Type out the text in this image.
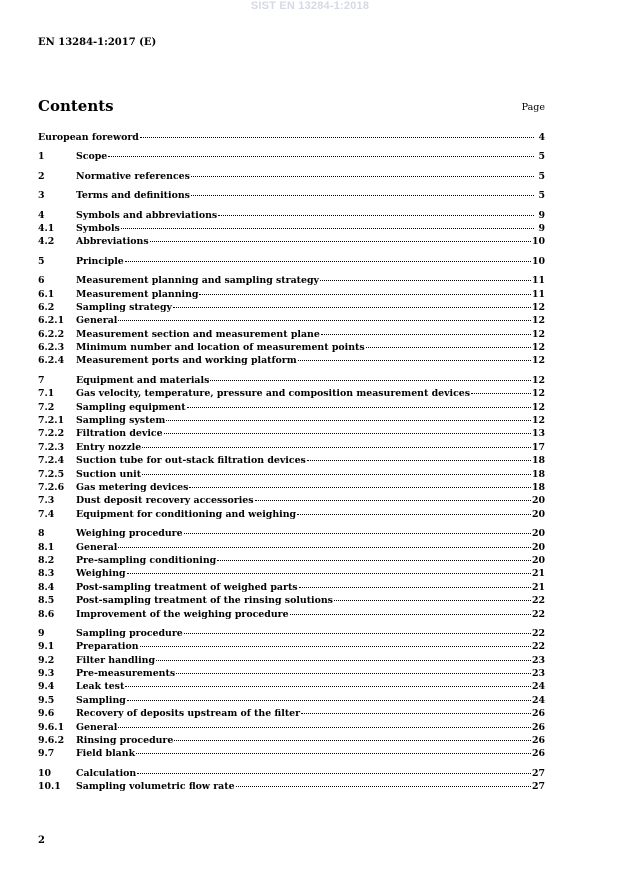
SIST EN 13284-1:2018
EN 13284-1:2017 (E)
Contents	Page
European foreword	4
1	Scope	5
2	Normative references	5
3	Terms and definitions	5
4	Symbols and abbreviations	9
4.1	Symbols	9
4.2	Abbreviations	10
5	Principle	10
6	Measurement planning and sampling strategy	11
6.1	Measurement planning	11
6.2	Sampling strategy	12
6.2.1	General	12
6.2.2	Measurement section and measurement plane	12
6.2.3	Minimum number and location of measurement points	12
6.2.4	Measurement ports and working platform	12
7	Equipment and materials	12
7.1	Gas velocity, temperature, pressure and composition measurement devices	12
7.2	Sampling equipment	12
7.2.1	Sampling system	12
7.2.2	Filtration device	13
7.2.3	Entry nozzle	17
7.2.4	Suction tube for out-stack filtration devices	18
7.2.5	Suction unit	18
7.2.6	Gas metering devices	18
7.3	Dust deposit recovery accessories	20
7.4	Equipment for conditioning and weighing	20
8	Weighing procedure	20
8.1	General	20
8.2	Pre-sampling conditioning	20
8.3	Weighing	21
8.4	Post-sampling treatment of weighed parts	21
8.5	Post-sampling treatment of the rinsing solutions	22
8.6	Improvement of the weighing procedure	22
9	Sampling procedure	22
9.1	Preparation	22
9.2	Filter handling	23
9.3	Pre-measurements	23
9.4	Leak test	24
9.5	Sampling	24
9.6	Recovery of deposits upstream of the filter	26
9.6.1	General	26
9.6.2	Rinsing procedure	26
9.7	Field blank	26
10	Calculation	27
10.1	Sampling volumetric flow rate	27
2
